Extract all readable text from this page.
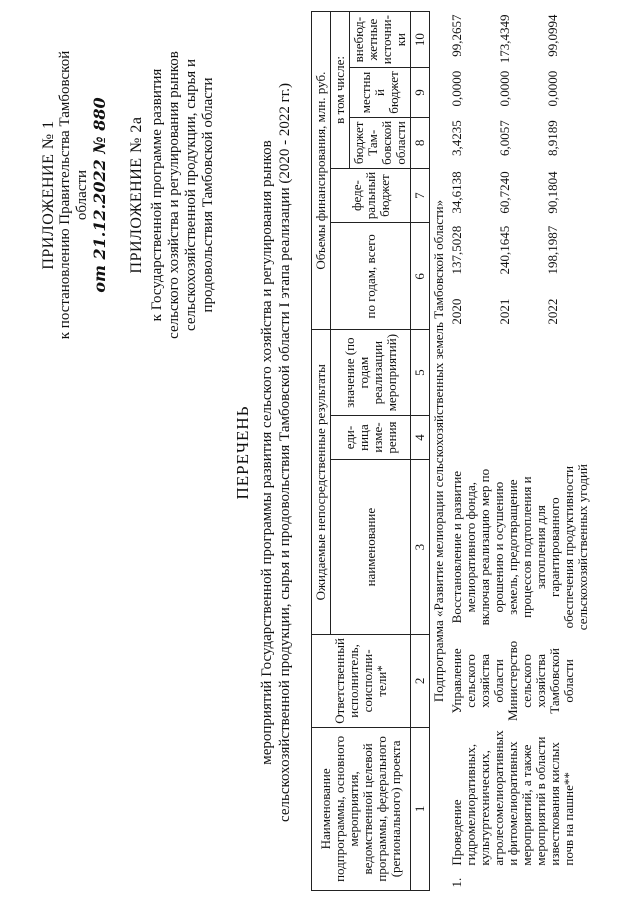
ПРИЛОЖЕНИЕ № 1 к постановлению Правительства Тамбовской области от 21.12.2022 № 880 ПРИЛОЖЕНИЕ № 2а к Государственной программе развития сельского хозяйства и регулирования рынков сельскохозяйственной продукции, сырья и продовольствия Тамбовской области
ПЕРЕЧЕНЬ мероприятий Государственной программы развития сельского хозяйства и регулирования рынков сельскохозяйственной продукции, сырья и продовольствия Тамбовской области I этапа реализации (2020 - 2022 гг.) Наименование подпрограммы, основного мероприятия, ведомственной целевой программы, федерального (регионального) проекта		Ответственный исполнитель, соисполни-тели*	Ожидаемые непосредственные результаты			Объемы финансирования, млн. руб.					
			наименование	еди-ница изме-рения	значение (по годам реализации мероприятий)	по годам, всего		феде-ральный бюджет	в том числе:		
									бюджет Там-бовской области	местны й бюджет	внебюд-жетные источни-ки
1		2	3	4	5	6		7	8	9	10
Подпрограмма «Развитие мелиорации сельскохозяйственных земель Тамбовской области»											
1.	Проведение гидромелиоративных, культуртехнических, агролесомелиоративных и фитомелиоративных мероприятий, а также мероприятий в области известкования кислых почв на пашне**	Управление сельского хозяйства области Министерство сельского хозяйства Тамбовской области	Восстановление и развитие мелиоративного фонда, включая реализацию мер по орошению и осушению земель, предотвращение процессов подтопления и затопления для гарантированного обеспечения продуктивности сельскохозяйственных угодий			2020	137,5028	34,6138	3,4235	0,0000	99,2657
						2021	240,1645	60,7240	6,0057	0,0000	173,4349
						2022	198,1987	90,1804	8,9189	0,0000	99,0994
